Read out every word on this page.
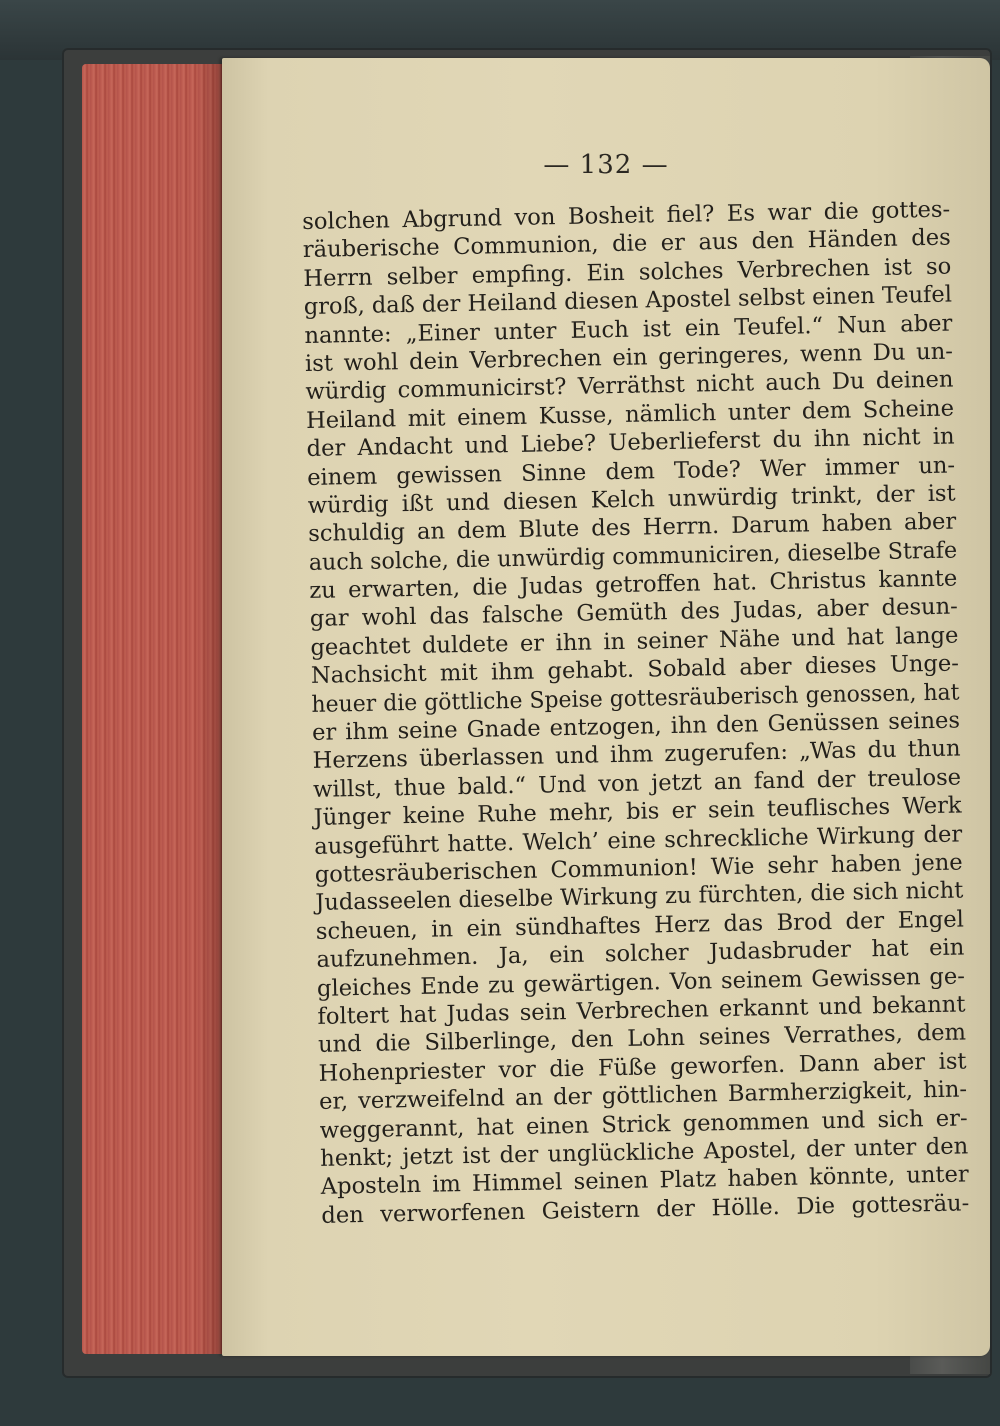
— 132 —
solchen Abgrund von Bosheit fiel? Es war die gottes-
räuberische Communion, die er aus den Händen des
Herrn selber empfing. Ein solches Verbrechen ist so
groß, daß der Heiland diesen Apostel selbst einen Teufel
nannte: „Einer unter Euch ist ein Teufel.“ Nun aber
ist wohl dein Verbrechen ein geringeres, wenn Du un-
würdig communicirst? Verräthst nicht auch Du deinen
Heiland mit einem Kusse, nämlich unter dem Scheine
der Andacht und Liebe? Ueberlieferst du ihn nicht in
einem gewissen Sinne dem Tode? Wer immer un-
würdig ißt und diesen Kelch unwürdig trinkt, der ist
schuldig an dem Blute des Herrn. Darum haben aber
auch solche, die unwürdig communiciren, dieselbe Strafe
zu erwarten, die Judas getroffen hat. Christus kannte
gar wohl das falsche Gemüth des Judas, aber desun-
geachtet duldete er ihn in seiner Nähe und hat lange
Nachsicht mit ihm gehabt. Sobald aber dieses Unge-
heuer die göttliche Speise gottesräuberisch genossen, hat
er ihm seine Gnade entzogen, ihn den Genüssen seines
Herzens überlassen und ihm zugerufen: „Was du thun
willst, thue bald.“ Und von jetzt an fand der treulose
Jünger keine Ruhe mehr, bis er sein teuflisches Werk
ausgeführt hatte. Welch’ eine schreckliche Wirkung der
gottesräuberischen Communion! Wie sehr haben jene
Judasseelen dieselbe Wirkung zu fürchten, die sich nicht
scheuen, in ein sündhaftes Herz das Brod der Engel
aufzunehmen. Ja, ein solcher Judasbruder hat ein
gleiches Ende zu gewärtigen. Von seinem Gewissen ge-
foltert hat Judas sein Verbrechen erkannt und bekannt
und die Silberlinge, den Lohn seines Verrathes, dem
Hohenpriester vor die Füße geworfen. Dann aber ist
er, verzweifelnd an der göttlichen Barmherzigkeit, hin-
weggerannt, hat einen Strick genommen und sich er-
henkt; jetzt ist der unglückliche Apostel, der unter den
Aposteln im Himmel seinen Platz haben könnte, unter
den verworfenen Geistern der Hölle. Die gottesräu-
